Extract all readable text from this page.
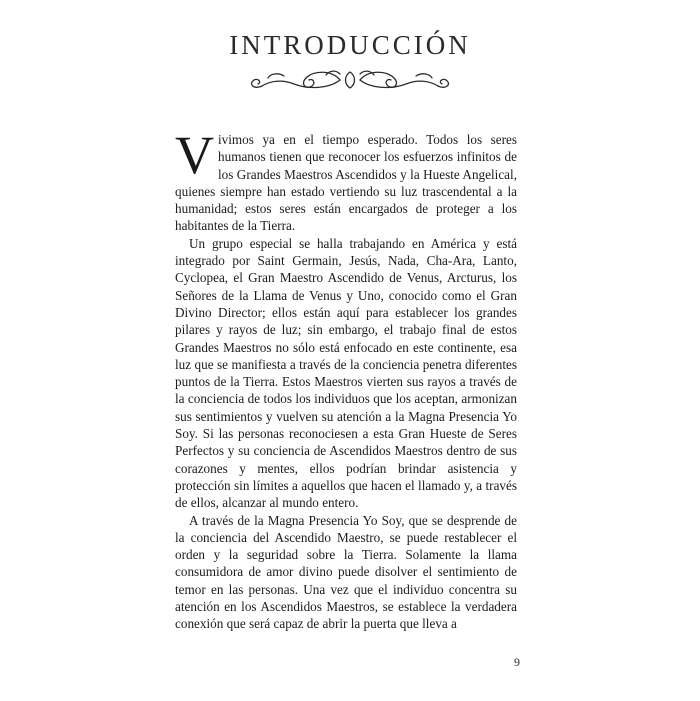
INTRODUCCIÓN

Vivimos ya en el tiempo esperado. Todos los seres humanos tienen que reconocer los esfuerzos infinitos de los Grandes Maestros Ascendidos y la Hueste Angelical, quienes siempre han estado vertiendo su luz trascendental a la humanidad; estos seres están encargados de proteger a los habitantes de la Tierra.

Un grupo especial se halla trabajando en América y está integrado por Saint Germain, Jesús, Nada, Cha-Ara, Lanto, Cyclopea, el Gran Maestro Ascendido de Venus, Arcturus, los Señores de la Llama de Venus y Uno, conocido como el Gran Divino Director; ellos están aquí para establecer los grandes pilares y rayos de luz; sin embargo, el trabajo final de estos Grandes Maestros no sólo está enfocado en este continente, esa luz que se manifiesta a través de la conciencia penetra diferentes puntos de la Tierra. Estos Maestros vierten sus rayos a través de la conciencia de todos los individuos que los aceptan, armonizan sus sentimientos y vuelven su atención a la Magna Presencia Yo Soy. Si las personas reconociesen a esta Gran Hueste de Seres Perfectos y su conciencia de Ascendidos Maestros dentro de sus corazones y mentes, ellos podrían brindar asistencia y protección sin límites a aquellos que hacen el llamado y, a través de ellos, alcanzar al mundo entero.

A través de la Magna Presencia Yo Soy, que se desprende de la conciencia del Ascendido Maestro, se puede restablecer el orden y la seguridad sobre la Tierra. Solamente la llama consumidora de amor divino puede disolver el sentimiento de temor en las personas. Una vez que el individuo concentra su atención en los Ascendidos Maestros, se establece la verdadera conexión que será capaz de abrir la puerta que lleva a

9
